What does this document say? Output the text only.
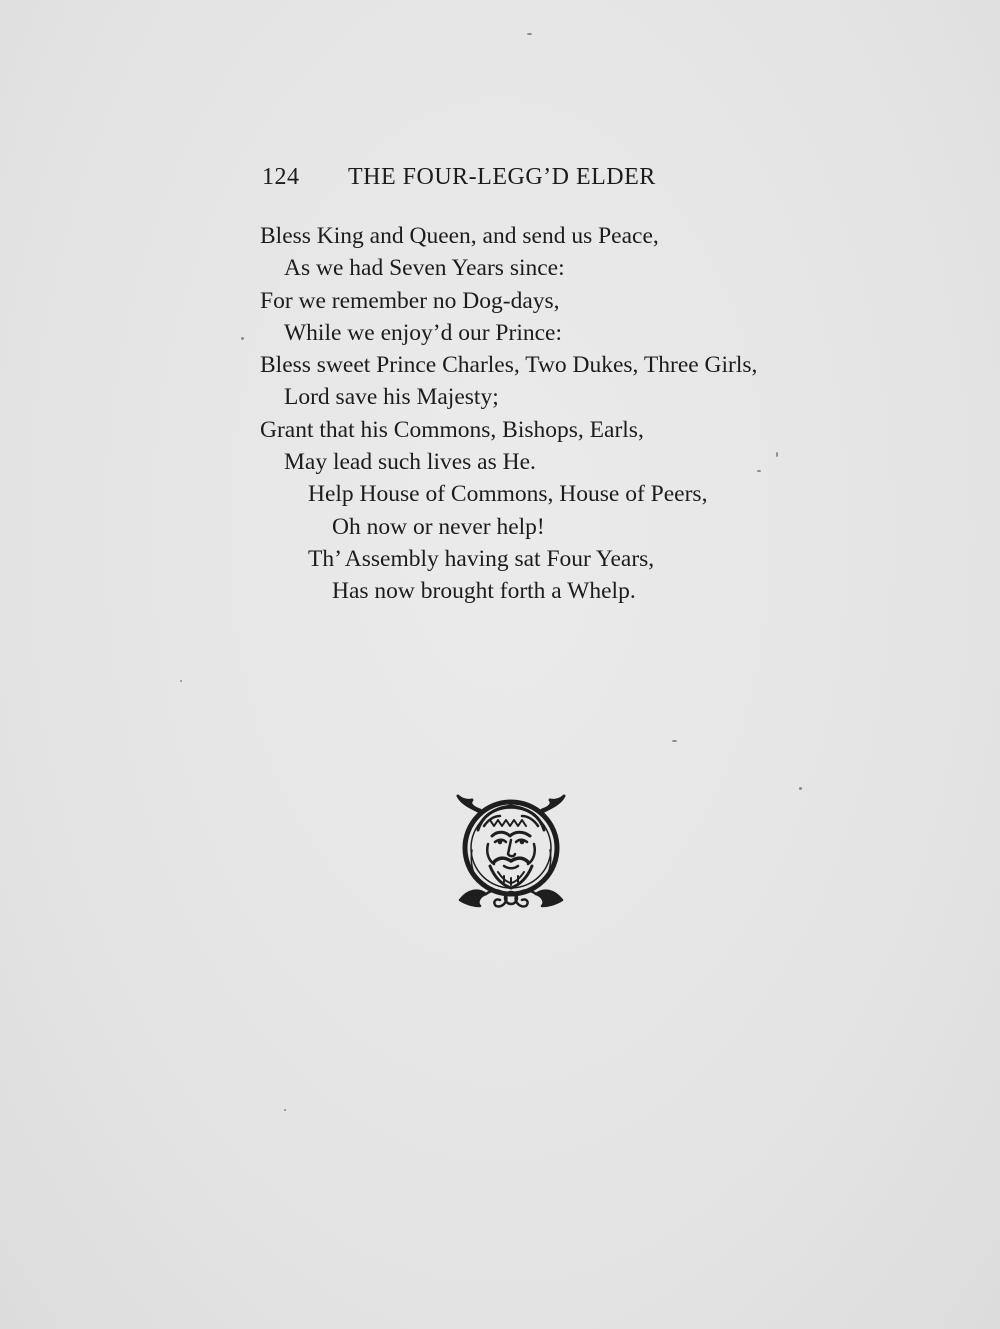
124 THE FOUR-LEGG’D ELDER
Bless King and Queen, and send us Peace,
As we had Seven Years since:
For we remember no Dog-days,
While we enjoy’d our Prince:
Bless sweet Prince Charles, Two Dukes, Three Girls,
Lord save his Majesty;
Grant that his Commons, Bishops, Earls,
May lead such lives as He.
Help House of Commons, House of Peers,
Oh now or never help!
Th’ Assembly having sat Four Years,
Has now brought forth a Whelp.
